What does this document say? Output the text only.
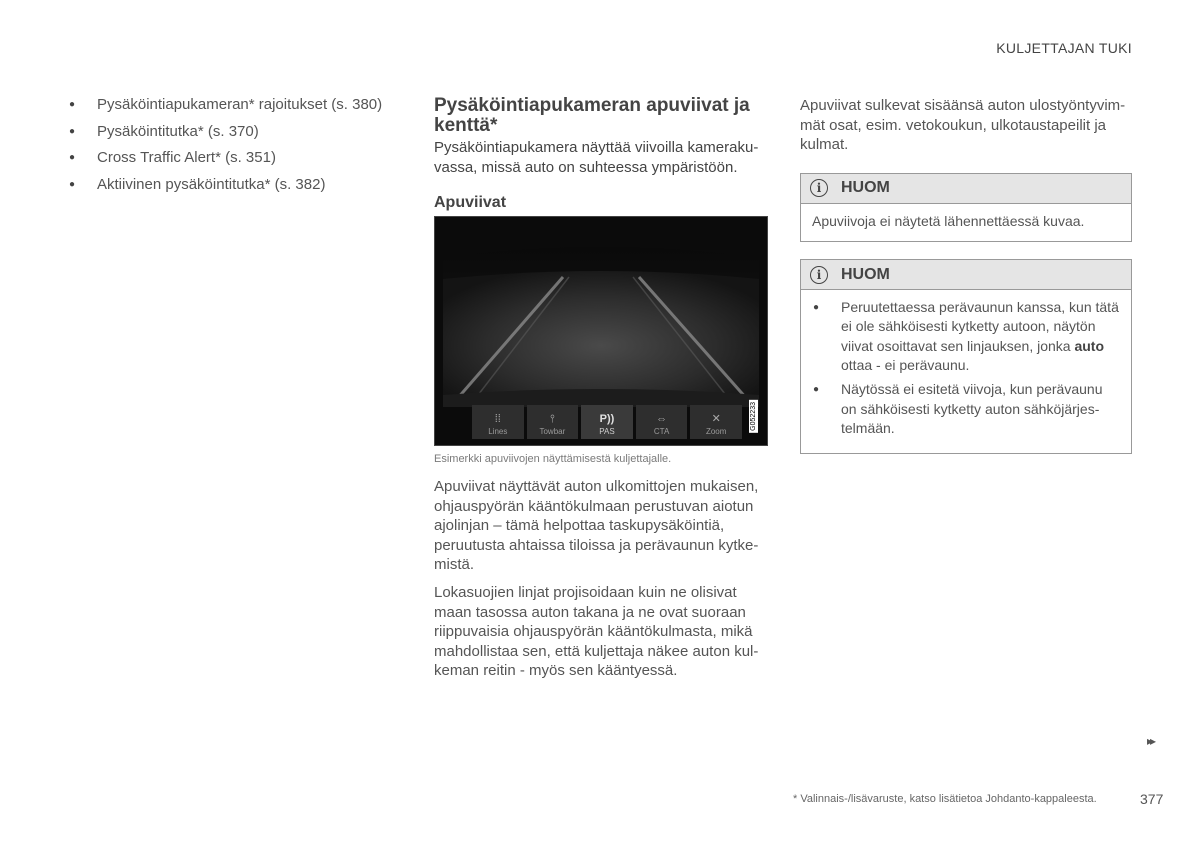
KULJETTAJAN TUKI
● Pysäköintiapukameran* rajoitukset (s. 380)
● Pysäköintitutka* (s. 370)
● Cross Traffic Alert* (s. 351)
● Aktiivinen pysäköintitutka* (s. 382)
Pysäköintiapukameran apuviivat ja kenttä*

Pysäköintiapukamera näyttää viivoilla kameraku-vassa, missä auto on suhteessa ympäristöön.

Apuviivat
⁞⁞
Lines
⫯
Towbar
P))
PAS
⇔
CTA
✕
Zoom
G052233
Esimerkki apuviivojen näyttämisestä kuljettajalle.

Apuviivat näyttävät auton ulkomittojen mukaisen, ohjauspyörän kääntökulmaan perustuvan aiotun ajolinjan – tämä helpottaa taskupysäköintiä, peruutusta ahtaissa tiloissa ja perävaunun kytke-mistä.

Lokasuojien linjat projisoidaan kuin ne olisivat maan tasossa auton takana ja ne ovat suoraan riippuvaisia ohjauspyörän kääntökulmasta, mikä mahdollistaa sen, että kuljettaja näkee auton kul-keman reitin - myös sen kääntyessä.

Apuviivat sulkevat sisäänsä auton ulostyöntyvim-mät osat, esim. vetokoukun, ulkotaustapeilit ja kulmat.

i	HUOM
Apuviivoja ei näytetä lähennettäessä kuvaa.
i	HUOM
● Peruutettaessa perävaunun kanssa, kun tätä ei ole sähköisesti kytketty autoon, näytön viivat osoittavat sen linjauksen, jonka auto ottaa - ei perävaunu.
● Näytössä ei esitetä viivoja, kun perävaunu on sähköisesti kytketty auton sähköjärjes-telmään.
▸▸
* Valinnais-/lisävaruste, katso lisätietoa Johdanto-kappaleesta.	377
